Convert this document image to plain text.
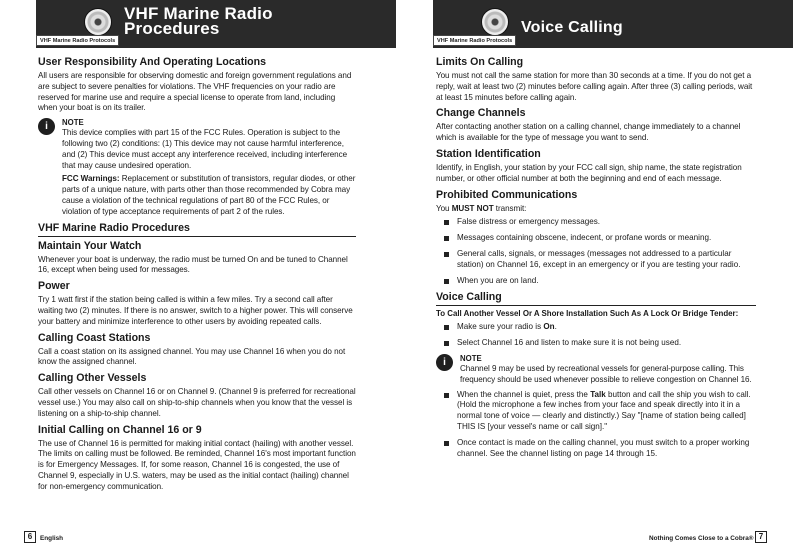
VHF Marine Radio
Procedures
VHF Marine Radio Protocols
User Responsibility And Operating Locations

All users are responsible for observing domestic and foreign government regulations and are subject to severe penalties for violations. The VHF frequencies on your radio are reserved for marine use and require a special license to operate from land, including when your boat is on its trailer.

i	NOTE

This device complies with part 15 of the FCC Rules. Operation is subject to the following two (2) conditions: (1) This device may not cause harmful interference, and (2) This device must accept any interference received, including interference that may cause undesired operation.

FCC Warnings: Replacement or substitution of transistors, regular diodes, or other parts of a unique nature, with parts other than those recommended by Cobra may cause a violation of the technical regulations of part 80 of the FCC Rules, or violation of type acceptance requirements of part 2 of the rules.

VHF Marine Radio Procedures
Maintain Your Watch

Whenever your boat is underway, the radio must be turned On and be tuned to Channel 16, except when being used for messages.

Power

Try 1 watt first if the station being called is within a few miles. Try a second call after waiting two (2) minutes. If there is no answer, switch to a higher power. This will conserve your battery and minimize interference to other users by avoiding repeated calls.

Calling Coast Stations

Call a coast station on its assigned channel. You may use Channel 16 when you do not know the assigned channel.

Calling Other Vessels

Call other vessels on Channel 16 or on Channel 9. (Channel 9 is preferred for recreational vessel use.) You may also call on ship-to-ship channels when you know that the vessel is listening on a ship-to-ship channel.

Initial Calling on Channel 16 or 9

The use of Channel 16 is permitted for making initial contact (hailing) with another vessel. The limits on calling must be followed. Be reminded, Channel 16's most important function is for Emergency Messages. If, for some reason, Channel 16 is congested, the use of Channel 9, especially in U.S. waters, may be used as the initial contact (hailing) channel for non-emergency communication.

6	English
Voice Calling
VHF Marine Radio Protocols
Limits On Calling

You must not call the same station for more than 30 seconds at a time. If you do not get a reply, wait at least two (2) minutes before calling again. After three (3) calling periods, wait at least 15 minutes before calling again.

Change Channels

After contacting another station on a calling channel, change immediately to a channel which is available for the type of message you want to send.

Station Identification

Identify, in English, your station by your FCC call sign, ship name, the state registration number, or other official number at both the beginning and end of each message.

Prohibited Communications

You MUST NOT transmit:

False distress or emergency messages.
Messages containing obscene, indecent, or profane words or meaning.
General calls, signals, or messages (messages not addressed to a particular station) on Channel 16, except in an emergency or if you are testing your radio.
When you are on land.
Voice Calling
To Call Another Vessel Or A Shore Installation Such As A Lock Or Bridge Tender:
Make sure your radio is On.
Select Channel 16 and listen to make sure it is not being used.
i	NOTE

Channel 9 may be used by recreational vessels for general-purpose calling. This frequency should be used whenever possible to relieve congestion on Channel 16.

When the channel is quiet, press the Talk button and call the ship you wish to call. (Hold the microphone a few inches from your face and speak directly into it in a normal tone of voice — clearly and distinctly.) Say "[name of station being called] THIS IS [your vessel's name or call sign]."
Once contact is made on the calling channel, you must switch to a proper working channel. See the channel listing on page 14 through 15.
Nothing Comes Close to a Cobra® 7
